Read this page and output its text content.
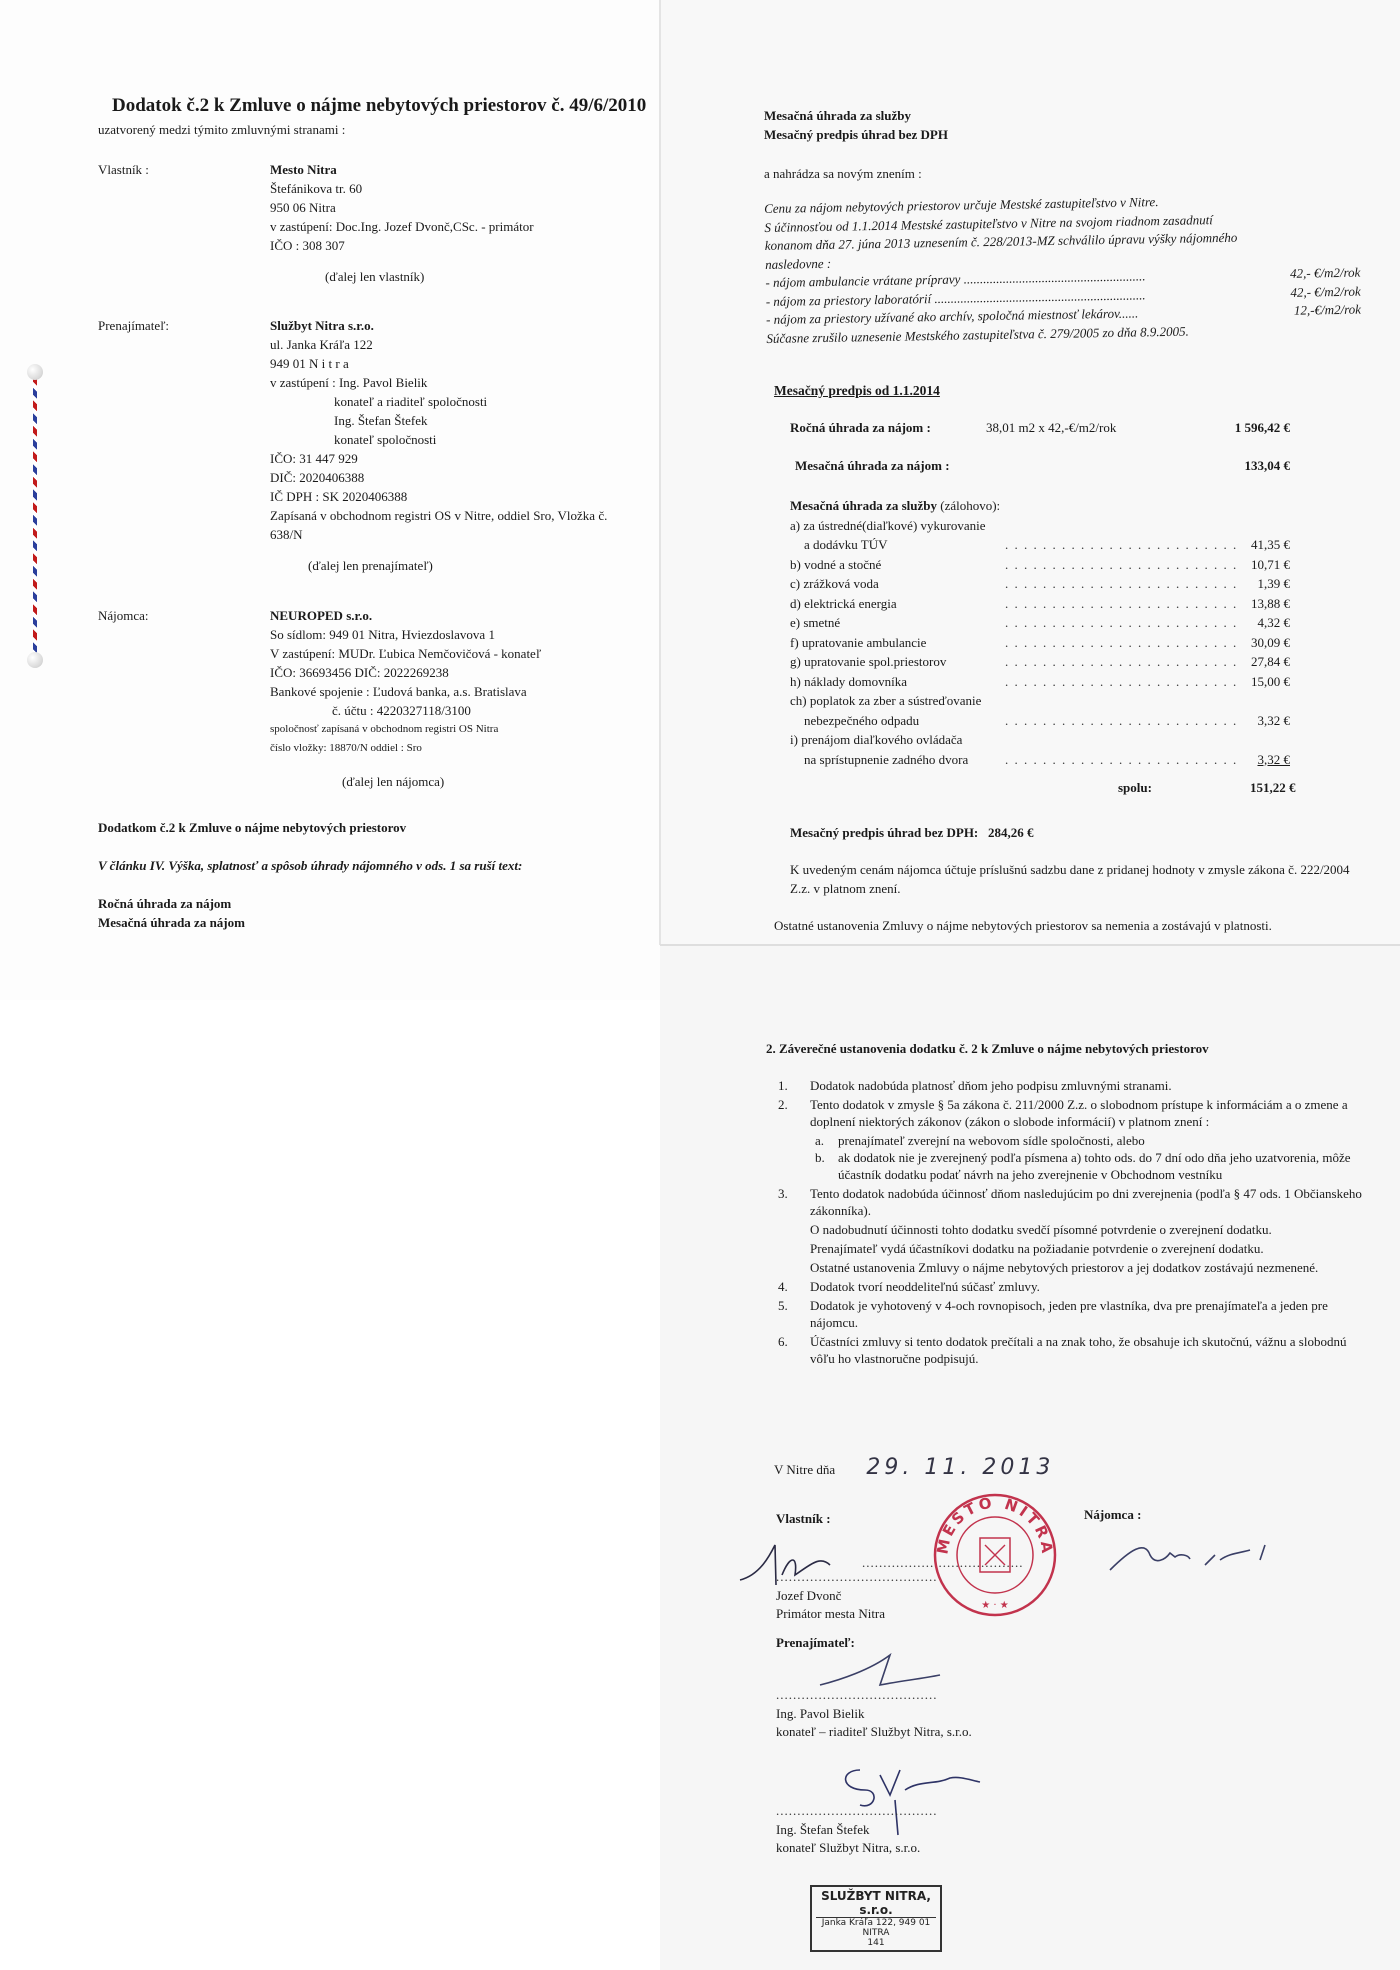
Dodatok č.2 k Zmluve o nájme nebytových priestorov č. 49/6/2010
uzatvorený medzi týmito zmluvnými stranami :
Vlastník :	Mesto Nitra
Štefánikova tr. 60
950 06 Nitra
v zastúpení: Doc.Ing. Jozef Dvonč,CSc. - primátor
IČO : 308 307
(ďalej len vlastník)
Prenajímateľ:	Službyt Nitra s.r.o.
ul. Janka Kráľa 122
949 01 N i t r a
v zastúpení : Ing. Pavol Bielik
konateľ a riaditeľ spoločnosti
Ing. Štefan Štefek
konateľ spoločnosti
IČO: 31 447 929
DIČ: 2020406388
IČ DPH : SK 2020406388
Zapísaná v obchodnom registri OS v Nitre, oddiel Sro, Vložka č. 638/N
(ďalej len prenajímateľ)
Nájomca:	NEUROPED s.r.o.
So sídlom: 949 01 Nitra, Hviezdoslavova 1
V zastúpení: MUDr. Ľubica Nemčovičová - konateľ
IČO: 36693456 DIČ: 2022269238
Bankové spojenie : Ľudová banka, a.s. Bratislava
č. účtu : 4220327118/3100
spoločnosť zapísaná v obchodnom registri OS Nitra
číslo vložky: 18870/N oddiel : Sro
(ďalej len nájomca)
Dodatkom č.2 k Zmluve o nájme nebytových priestorov
V článku IV. Výška, splatnosť a spôsob úhrady nájomného v ods. 1 sa ruší text:
Ročná úhrada za nájom
Mesačná úhrada za nájom
Mesačná úhrada za služby
Mesačný predpis úhrad bez DPH
a nahrádza sa novým znením :
Cenu za nájom nebytových priestorov určuje Mestské zastupiteľstvo v Nitre.
S účinnosťou od 1.1.2014 Mestské zastupiteľstvo v Nitre na svojom riadnom zasadnutí
konanom dňa 27. júna 2013 uznesením č. 228/2013-MZ schválilo úpravu výšky nájomného
nasledovne :
- nájom ambulancie vrátane prípravy ........................................................	42,- €/m2/rok
- nájom za priestory laboratórií .................................................................	42,- €/m2/rok
- nájom za priestory užívané ako archív, spoločná miestnosť lekárov......	12,-€/m2/rok
Súčasne zrušilo uznesenie Mestského zastupiteľstva č. 279/2005 zo dňa 8.9.2005.
Mesačný predpis od 1.1.2014
Ročná úhrada za nájom :	38,01 m2 x 42,-€/m2/rok	1 596,42 €
Mesačná úhrada za nájom :	133,04 €
Mesačná úhrada za služby (zálohovo):
a) za ústredné(diaľkové) vykurovanie
a dodávku TÚV	. . . . . . . . . . . . . . . . . . . . . . . . . 41,35 €
b) vodné a stočné	. . . . . . . . . . . . . . . . . . . . . . . . . 10,71 €
c) zrážková voda	. . . . . . . . . . . . . . . . . . . . . . . . . 1,39 €
d) elektrická energia	. . . . . . . . . . . . . . . . . . . . . . . . . 13,88 €
e) smetné	. . . . . . . . . . . . . . . . . . . . . . . . . 4,32 €
f) upratovanie ambulancie	. . . . . . . . . . . . . . . . . . . . . . . . . 30,09 €
g) upratovanie spol.priestorov	. . . . . . . . . . . . . . . . . . . . . . . . . 27,84 €
h) náklady domovníka	. . . . . . . . . . . . . . . . . . . . . . . . . 15,00 €
ch) poplatok za zber a sústreďovanie
nebezpečného odpadu	. . . . . . . . . . . . . . . . . . . . . . . . . 3,32 €
i) prenájom diaľkového ovládača
na sprístupnenie zadného dvora	. . . . . . . . . . . . . . . . . . . . . . . . . 3,32 €
spolu:	151,22 €
Mesačný predpis úhrad bez DPH: 284,26 €
K uvedeným cenám nájomca účtuje príslušnú sadzbu dane z pridanej hodnoty v zmysle zákona č. 222/2004 Z.z. v platnom znení.
Ostatné ustanovenia Zmluvy o nájme nebytových priestorov sa nemenia a zostávajú v platnosti.
2. Záverečné ustanovenia dodatku č. 2 k Zmluve o nájme nebytových priestorov
1. Dodatok nadobúda platnosť dňom jeho podpisu zmluvnými stranami.
2. Tento dodatok v zmysle § 5a zákona č. 211/2000 Z.z. o slobodnom prístupe k informáciám a o zmene a doplnení niektorých zákonov (zákon o slobode informácií) v platnom znení :
a. prenajímateľ zverejní na webovom sídle spoločnosti, alebo
b. ak dodatok nie je zverejnený podľa písmena a) tohto ods. do 7 dní odo dňa jeho uzatvorenia, môže účastník dodatku podať návrh na jeho zverejnenie v Obchodnom vestníku
3. Tento dodatok nadobúda účinnosť dňom nasledujúcim po dni zverejnenia (podľa § 47 ods. 1 Občianskeho zákonníka).
O nadobudnutí účinnosti tohto dodatku svedčí písomné potvrdenie o zverejnení dodatku.
Prenajímateľ vydá účastníkovi dodatku na požiadanie potvrdenie o zverejnení dodatku.
Ostatné ustanovenia Zmluvy o nájme nebytových priestorov a jej dodatkov zostávajú nezmenené.
4. Dodatok tvorí neoddeliteľnú súčasť zmluvy.
5. Dodatok je vyhotovený v 4-och rovnopisoch, jeden pre vlastníka, dva pre prenajímateľa a jeden pre nájomcu.
6. Účastníci zmluvy si tento dodatok prečítali a na znak toho, že obsahuje ich skutočnú, vážnu a slobodnú vôľu ho vlastnoručne podpisujú.
V Nitre dňa 29. 11. 2013
Vlastník :	Nájomca :
......................................
......................................
Jozef Dvonč
Primátor mesta Nitra
MESTO NITRA
★ · ★
Prenajímateľ:
......................................
Ing. Pavol Bielik
konateľ – riaditeľ Službyt Nitra, s.r.o.
......................................
Ing. Štefan Štefek
konateľ Službyt Nitra, s.r.o.
SLUŽBYT NITRA, s.r.o.
Janka Kráľa 122, 949 01 NITRA
141
